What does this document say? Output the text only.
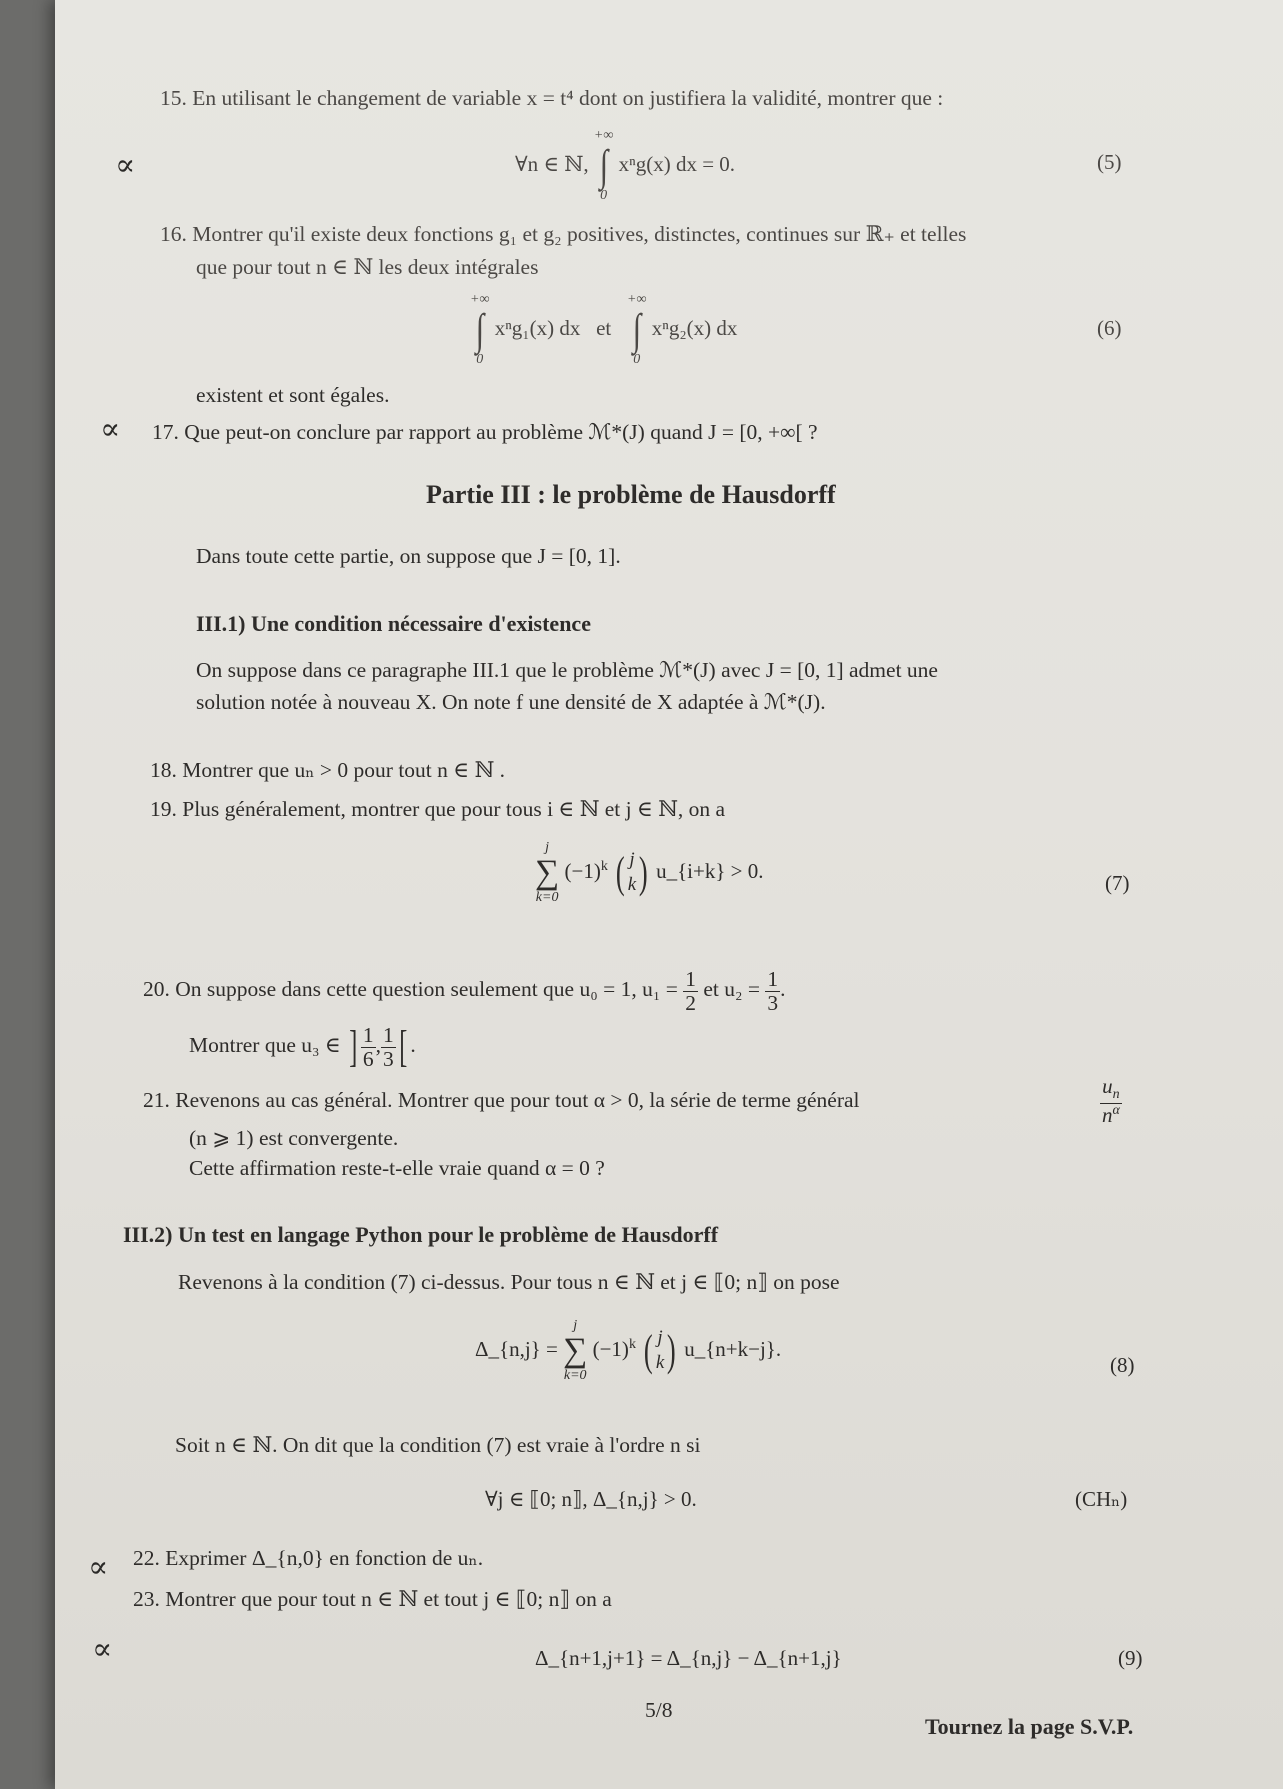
15. En utilisant le changement de variable x = t⁴ dont on justifiera la validité, montrer que :
∀n ∈ ℕ,
+∞
∫
0
xⁿg(x) dx = 0.	(5)
∝
16. Montrer qu'il existe deux fonctions g₁ et g₂ positives, distinctes, continues sur ℝ₊ et telles
que pour tout n ∈ ℕ les deux intégrales
+∞
∫
0
xⁿg₁(x) dx et
+∞
∫
0
xⁿg₂(x) dx	(6)
existent et sont égales.
∝ 17. Que peut-on conclure par rapport au problème ℳ*(J) quand J = [0, +∞[ ?
Partie III : le problème de Hausdorff
Dans toute cette partie, on suppose que J = [0, 1].
III.1) Une condition nécessaire d'existence
On suppose dans ce paragraphe III.1 que le problème ℳ*(J) avec J = [0, 1] admet une
solution notée à nouveau X. On note f une densité de X adaptée à ℳ*(J).
18. Montrer que uₙ > 0 pour tout n ∈ ℕ .
19. Plus généralement, montrer que pour tous i ∈ ℕ et j ∈ ℕ, on a
j
∑
k=0
$(-1)^k$ ( j
k) u_{i+k} > 0.
(7)
20. On suppose dans cette question seulement que u₀ = 1, $u_1 = \frac{1}{2}$ et $u_2 = \frac{1}{3}$ .
Montrer que u₃ ∈ ] $\frac{1}{6}$ , $\frac{1}{3}$ [ .
21. Revenons au cas général. Montrer que pour tout α > 0, la série de terme général	$\frac{u_n}{n^\alpha}$
(n ⩾ 1) est convergente.
Cette affirmation reste-t-elle vraie quand α = 0 ?
III.2) Un test en langage Python pour le problème de Hausdorff
Revenons à la condition (7) ci-dessus. Pour tous n ∈ ℕ et j ∈ ⟦0; n⟧ on pose
Δ_{n,j} =
j
∑
k=0
$(-1)^k$ ( j
k) u_{n+k−j}.
(8)
Soit n ∈ ℕ. On dit que la condition (7) est vraie à l'ordre n si
∀j ∈ ⟦0; n⟧, Δ_{n,j} > 0.	(CHₙ)
∝ 22. Exprimer Δ_{n,0} en fonction de uₙ.
23. Montrer que pour tout n ∈ ℕ et tout j ∈ ⟦0; n⟧ on a
∝	Δ_{n+1,j+1} = Δ_{n,j} − Δ_{n+1,j}	(9)
5/8
Tournez la page S.V.P.
